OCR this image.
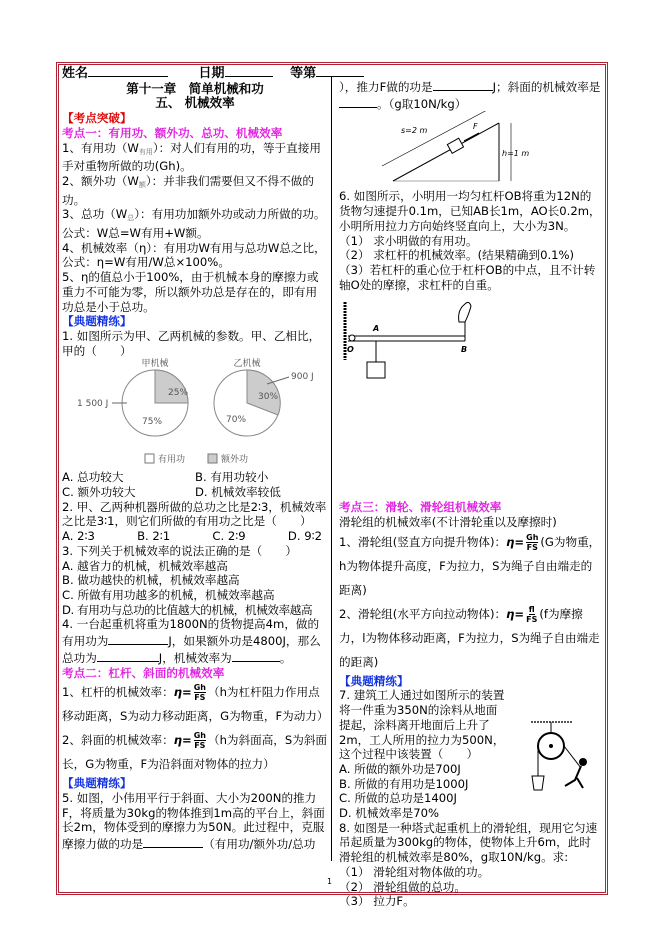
姓名　　	日期　	等第

第十一章　简单机械和功

五、 机械效率

【考点突破】

考点一：有用功、额外功、总功、机械效率

1、有用功$(W_{有用})$：对人们有用的功，等于直接用手对重物所做的功(Gh)。

2、额外功$(W_额)$：并非我们需要但又不得不做的功。

3、总功$(W_总)$：有用功加额外功或动力所做的功。

公式：W总=W有用+W额。

4、机械效率（η）：有用功W有用与总功W总之比，

公式：η=W有用/W总×100%。

5、η的值总小于100%，由于机械本身的摩擦力或重力不可能为零，所以额外功总是存在的，即有用功总是小于总功。

【典题精练】

1. 如图所示为甲、乙两机械的参数。甲、乙相比，甲的（　　）

甲机械	乙机械
25%
75%
1 500 J
30%
70%
900 J
有用功	额外功
A. 总功较大	B. 有用功较小
C. 额外功较大	D. 机械效率较低

2. 甲、乙两种机器所做的总功之比是2∶3，机械效率之比是3∶1，则它们所做的有用功之比是（　　）

A. 2∶3	B. 2∶1	C. 2∶9	D. 9∶2

3. 下列关于机械效率的说法正确的是（　　）

A. 越省力的机械，机械效率越高

B. 做功越快的机械，机械效率越高

C. 所做有用功越多的机械，机械效率越高

D. 有用功与总功的比值越大的机械，机械效率越高

4. 一台起重机将重为1800N的货物提高4m，做的有用功为	J，如果额外功是4800J，那么总功为	J，机械效率为	。

考点二：杠杆、斜面的机械效率

1、杠杆的机械效率：$\eta= \frac{Gh}{FS} (h$为杠杆阻力作用点移动距离，S为动力移动距离，G为物重，F为动力）

2、斜面的机械效率：$\eta= \frac{Gh}{FS} (h$为斜面高，S为斜面长，G为物重，F为沿斜面对物体的拉力）

【典题精练】

5. 如图，小伟用平行于斜面、大小为200N的推力F，将质量为30kg的物体推到1m高的平台上，斜面长2m，物体受到的摩擦力为50N。此过程中，克服摩擦力做的功是	（有用功/额外功/总功

），推力F做的功是	J；斜面的机械效率是。（g取10N/kg）

F
s=2 m
h=1 m

6. 如图所示，小明用一均匀杠杆OB将重为12N的货物匀速提升0.1m，已知AB长1m，AO长0.2m，小明所用拉力方向始终竖直向上，大小为3N。

（1） 求小明做的有用功。

（2） 求杠杆的机械效率。(结果精确到0.1%)

（3）若杠杆的重心位于杠杆OB的中点，且不计转轴O处的摩擦，求杠杆的自重。

O
A
B

考点三：滑轮、滑轮组机械效率

滑轮组的机械效率(不计滑轮重以及摩擦时)

1、滑轮组(竖直方向提升物体)：$\eta= \frac{Gh}{FS} (G$为物重，h为物体提升高度，F为拉力，S为绳子自由端走的距离)

2、滑轮组(水平方向拉动物体)：$\eta= \frac{fl}{FS} (f$为摩擦力，l为物体移动距离，F为拉力，S为绳子自由端走的距离)

【典题精练】

7. 建筑工人通过如图所示的装置将一件重为350N的涂料从地面提起，涂料离开地面后上升了2m，工人所用的拉力为500N，这个过程中该装置（　　）

A. 所做的额外功是700J

B. 所做的有用功是1000J

C. 所做的总功是1400J

D. 机械效率是70%

8. 如图是一种塔式起重机上的滑轮组，现用它匀速吊起质量为300kg的物体，使物体上升6m，此时滑轮组的机械效率是80%，g取10N/kg。求:

（1） 滑轮组对物体做的功。

（2） 滑轮组做的总功。

（3） 拉力F。

1
